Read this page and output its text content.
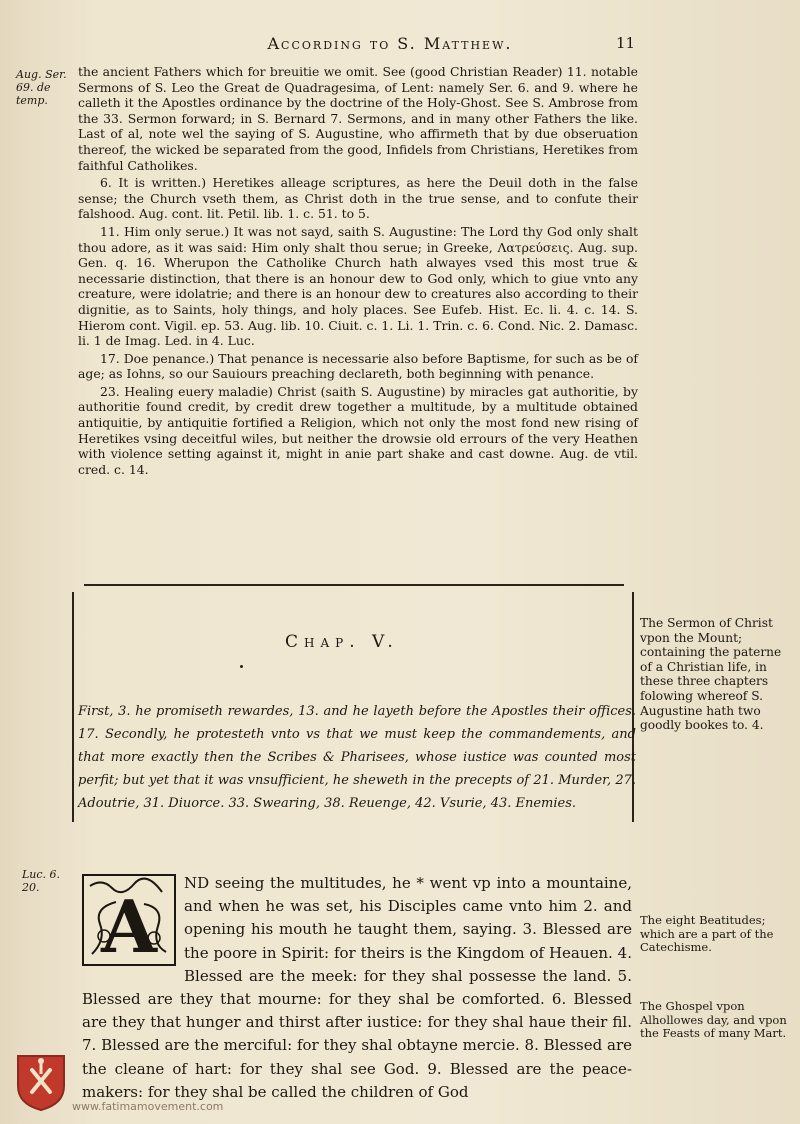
According to S. Matthew.	11
Aug. Ser. 69. de temp.
Luc. 6. 20.

the ancient Fathers which for breuitie we omit. See (good Christian Reader) 11. notable Sermons of S. Leo the Great de Quadragesima, of Lent: namely Ser. 6. and 9. where he calleth it the Apostles ordinance by the doctrine of the Holy-Ghost. See S. Ambrose from the 33. Sermon forward; in S. Bernard 7. Sermons, and in many other Fathers the like. Last of al, note wel the saying of S. Augustine, who affirmeth that by due obseruation thereof, the wicked be separated from the good, Infidels from Christians, Heretikes from faithful Catholikes.

6. It is written.) Heretikes alleage scriptures, as here the Deuil doth in the false sense; the Church vseth them, as Christ doth in the true sense, and to confute their falshood. Aug. cont. lit. Petil. lib. 1. c. 51. to 5.

11. Him only serue.) It was not sayd, saith S. Augustine: The Lord thy God only shalt thou adore, as it was said: Him only shalt thou serue; in Greeke, Λατρεύσεις. Aug. sup. Gen. q. 16. Wherupon the Catholike Church hath alwayes vsed this most true & necessarie distinction, that there is an honour dew to God only, which to giue vnto any creature, were idolatrie; and there is an honour dew to creatures also according to their dignitie, as to Saints, holy things, and holy places. See Eufeb. Hist. Ec. li. 4. c. 14. S. Hierom cont. Vigil. ep. 53. Aug. lib. 10. Ciuit. c. 1. Li. 1. Trin. c. 6. Cond. Nic. 2. Damasc. li. 1 de Imag. Led. in 4. Luc.

17. Doe penance.) That penance is necessarie also before Baptisme, for such as be of age; as Iohns, so our Sauiours preaching declareth, both beginning with penance.

23. Healing euery maladie) Christ (saith S. Augustine) by miracles gat authoritie, by authoritie found credit, by credit drew together a multitude, by a multitude obtained antiquitie, by antiquitie fortified a Religion, which not only the most fond new rising of Heretikes vsing deceitful wiles, but neither the drowsie old errours of the very Heathen with violence setting against it, might in anie part shake and cast downe. Aug. de vtil. cred. c. 14.

Chap. V.
First, 3. he promiseth rewardes, 13. and he layeth before the Apostles their offices. 17. Secondly, he protesteth vnto vs that we must keep the commandements, and that more exactly then the Scribes & Pharisees, whose iustice was counted most perfit; but yet that it was vnsufficient, he sheweth in the precepts of 21. Murder, 27. Adoutrie, 31. Diuorce. 33. Swearing, 38. Reuenge, 42. Vsurie, 43. Enemies.
The Sermon of Christ vpon the Mount; containing the paterne of a Christian life, in these three chapters folowing whereof S. Augustine hath two goodly bookes to. 4.
The eight Beatitudes; which are a part of the Catechisme.
The Ghospel vpon Alhollowes day, and vpon the Feasts of many Mart.
A
ND seeing the multitudes, he * went vp into a mountaine, and when he was set, his Disciples came vnto him 2. and opening his mouth he taught them, saying. 3. Blessed are the poore in Spirit: for theirs is the Kingdom of Heauen. 4. Blessed are the meek: for they shal possesse the land. 5. Blessed are they that mourne: for they shal be comforted. 6. Blessed are they that hunger and thirst after iustice: for they shal haue their fil. 7. Blessed are the merciful: for they shal obtayne mercie. 8. Blessed are the cleane of hart: for they shal see God. 9. Blessed are the peace-makers: for they shal be called the children of God
www.fatimamovement.com
